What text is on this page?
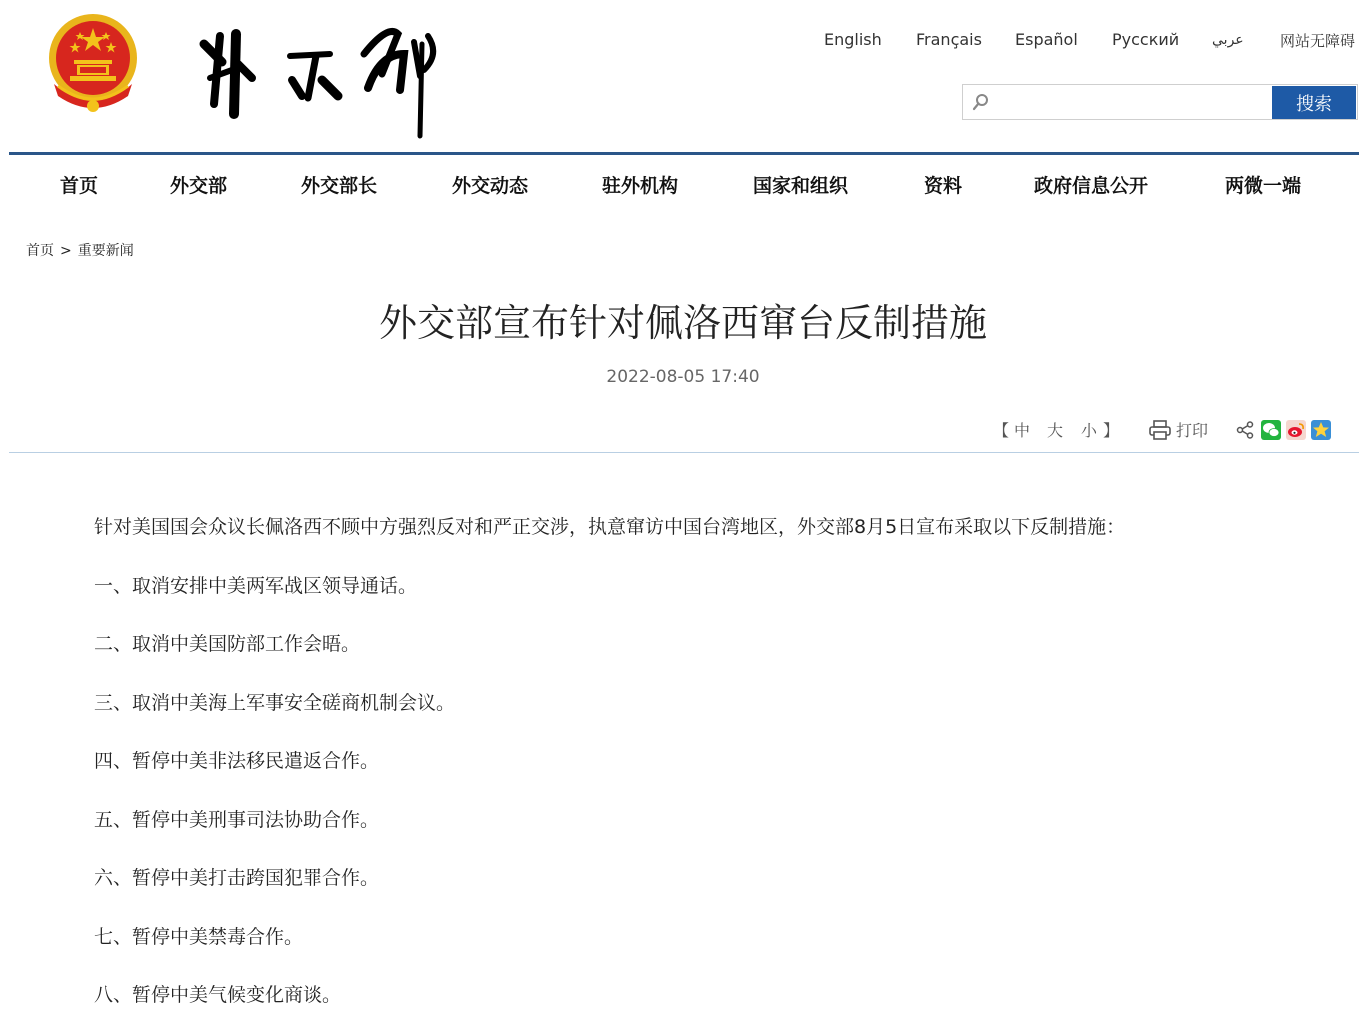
English Français Español Русский عربي 网站无障碍
搜索
首页	外交部	外交部长	外交动态	驻外机构	国家和组织	资料	政府信息公开	两微一端
首页 > 重要新闻
外交部宣布针对佩洛西窜台反制措施
2022-08-05 17:40
【 中 大 小 】	打印

针对美国国会众议长佩洛西不顾中方强烈反对和严正交涉，执意窜访中国台湾地区，外交部8月5日宣布采取以下反制措施：

一、取消安排中美两军战区领导通话。

二、取消中美国防部工作会晤。

三、取消中美海上军事安全磋商机制会议。

四、暂停中美非法移民遣返合作。

五、暂停中美刑事司法协助合作。

六、暂停中美打击跨国犯罪合作。

七、暂停中美禁毒合作。

八、暂停中美气候变化商谈。
